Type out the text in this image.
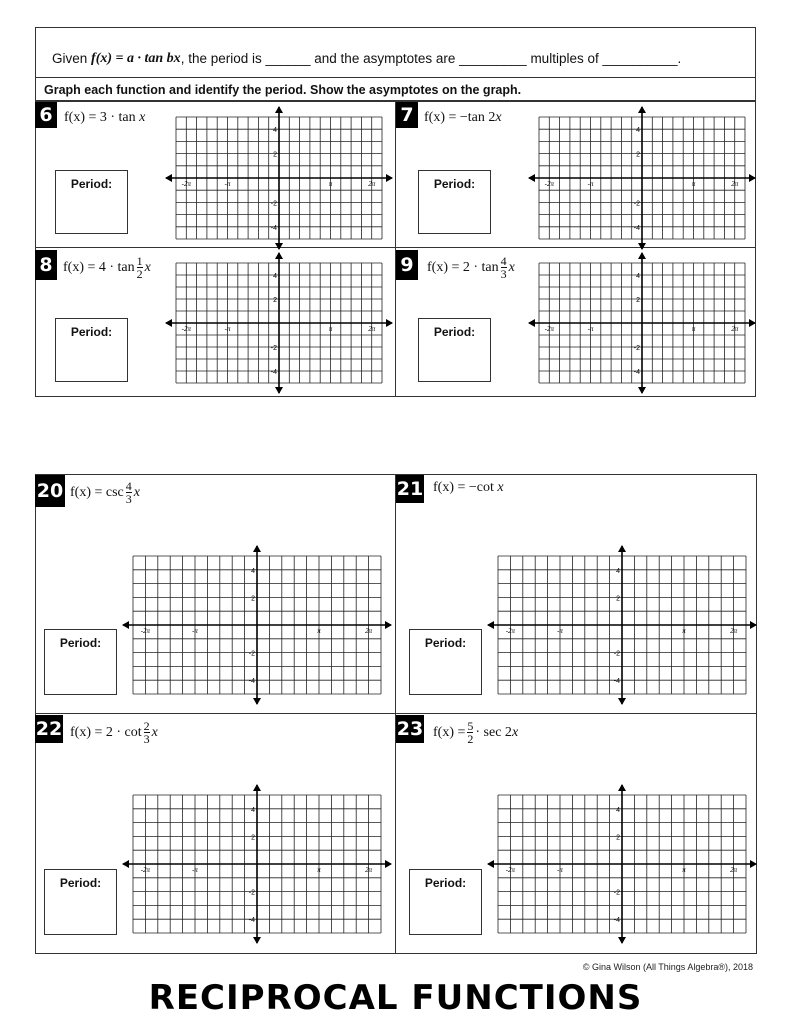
Given
f(x) = a · tan bx , the period is ______ and the asymptotes are _________ multiples of __________.
Graph each function and identify the period. Show the asymptotes on the graph.
6	7
8	9
20	21
22	23
f(x) = 3 · tan
x	f(x) = −tan 2 x
$f(x) = 4 \cdot \tan \frac{1}{2}$ x	$f(x) = 2 \cdot \tan \frac{4}{3}$ x
$f(x) = \csc \frac{4}{3}$ x	f(x) = −cot
x
$f(x) = 2 \cdot \cot \frac{2}{3}$ x	$f(x) = \frac{5}{2} \cdot \sec 2$ x
Period:	Period:
Period:	Period:
Period:	Period:
Period:	Period:
-2π	-π	π	2π
4
2
-2
-4
-2π	-π	π	2π
4
2
-2
-4
-2π	-π	π	2π
4
2
-2
-4
-2π	-π	π	2π
4
2
-2
-4
-2π	-π	π	2π
4
2
-2
-4
-2π	-π	π	2π
4
2
-2
-4
-2π	-π	π	2π
4
2
-2
-4
-2π	-π	π	2π
4
2
-2
-4
© Gina Wilson (All Things Algebra®), 2018
RECIPROCAL FUNCTIONS
